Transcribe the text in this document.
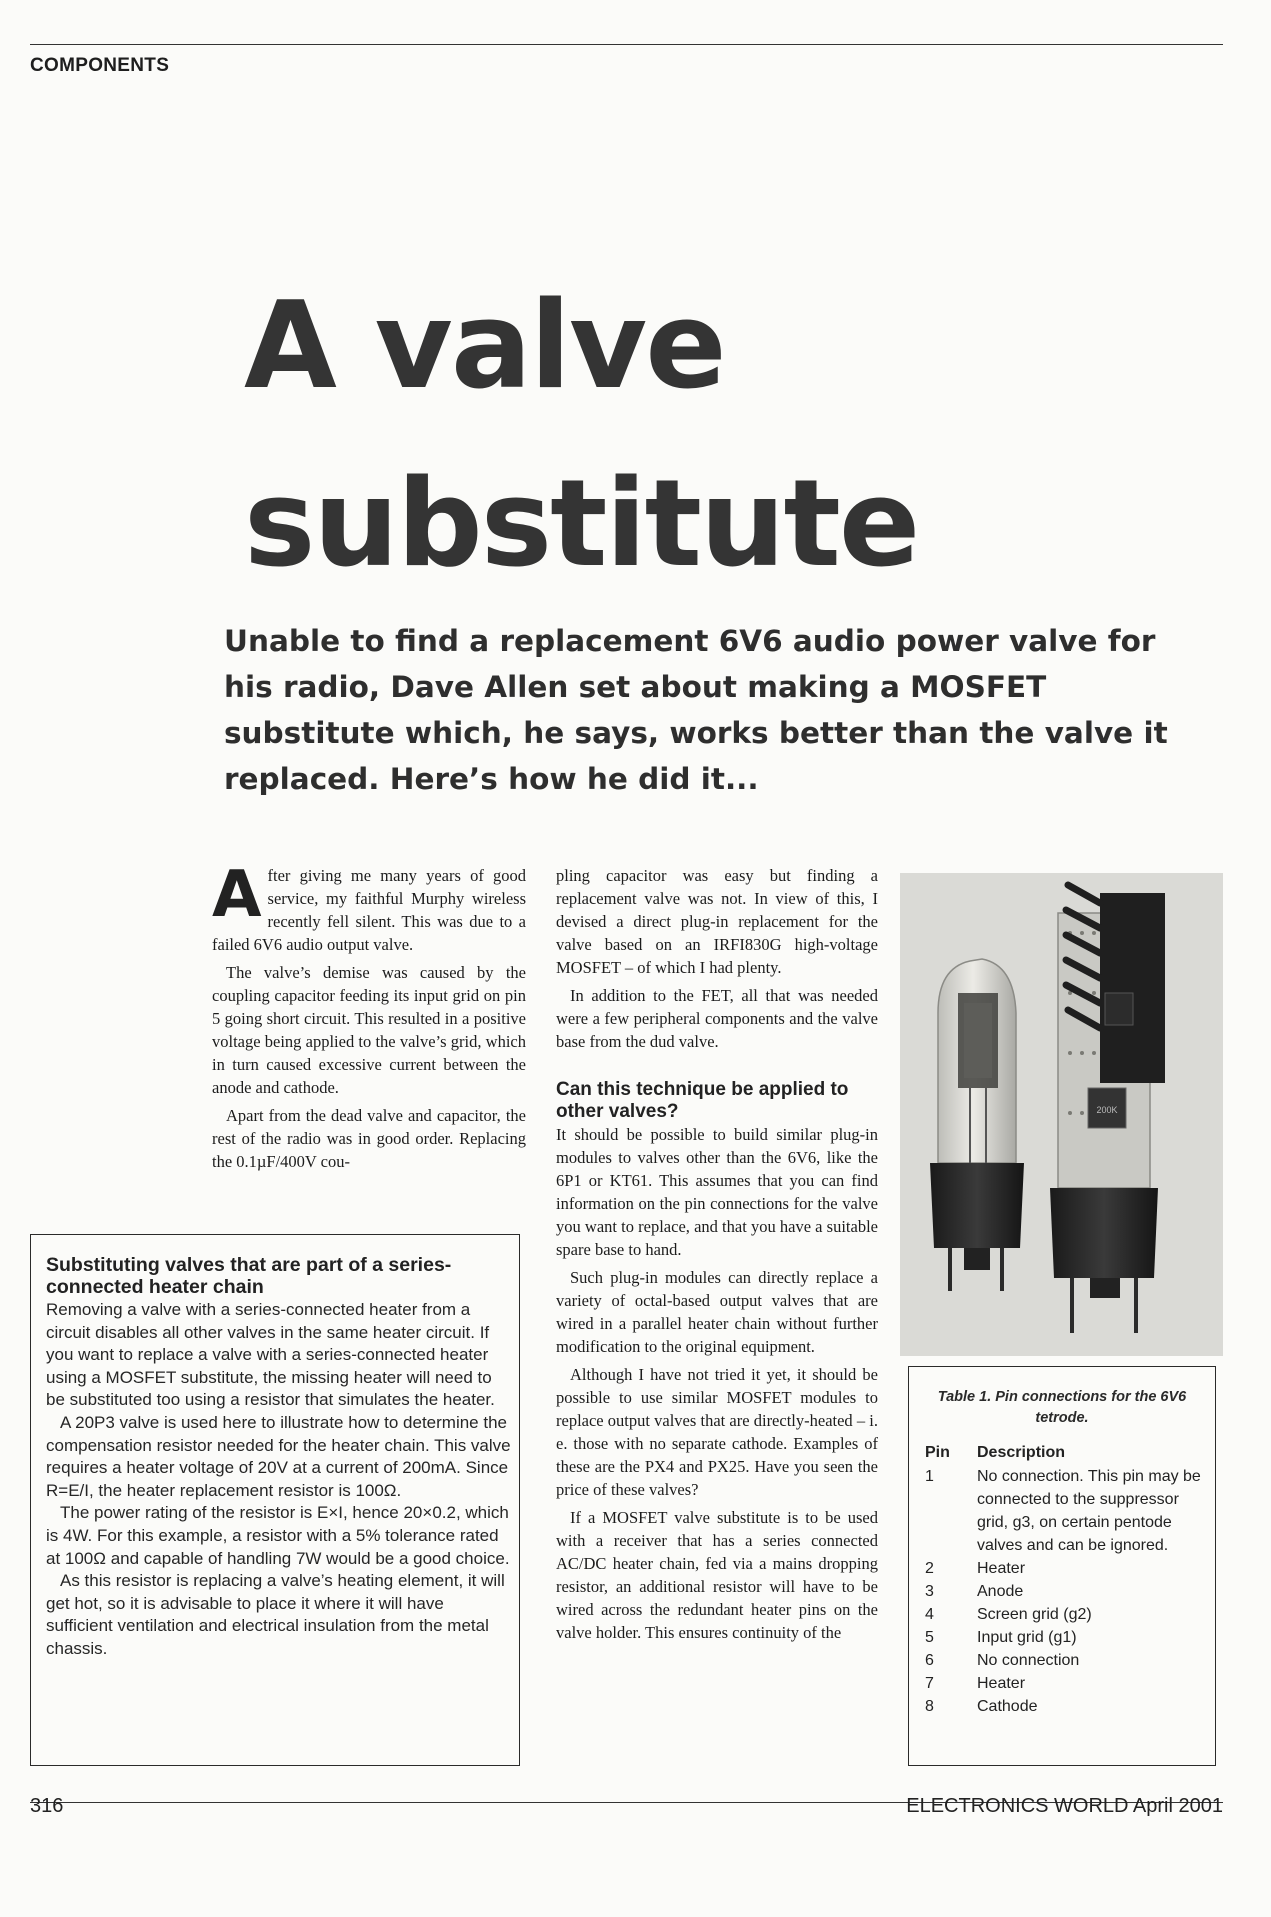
COMPONENTS
A valve
substitute

Unable to find a replacement 6V6 audio power valve for his radio, Dave Allen set about making a MOSFET substitute which, he says, works better than the valve it replaced. Here’s how he did it...

After giving me many years of good service, my faithful Murphy wireless recently fell silent. This was due to a failed 6V6 audio output valve.

The valve’s demise was caused by the coupling capacitor feeding its input grid on pin 5 going short circuit. This resulted in a positive voltage being applied to the valve’s grid, which in turn caused excessive current between the anode and cathode.

Apart from the dead valve and capacitor, the rest of the radio was in good order. Replacing the 0.1µF/400V cou-

pling capacitor was easy but finding a replacement valve was not. In view of this, I devised a direct plug-in replacement for the valve based on an IRFI830G high-voltage MOSFET – of which I had plenty.

In addition to the FET, all that was needed were a few peripheral components and the valve base from the dud valve.

Can this technique be applied to other valves?

It should be possible to build similar plug-in modules to valves other than the 6V6, like the 6P1 or KT61. This assumes that you can find information on the pin connections for the valve you want to replace, and that you have a suitable spare base to hand.

Such plug-in modules can directly replace a variety of octal-based output valves that are wired in a parallel heater chain without further modification to the original equipment.

Although I have not tried it yet, it should be possible to use similar MOSFET modules to replace output valves that are directly-heated – i. e. those with no separate cathode. Examples of these are the PX4 and PX25. Have you seen the price of these valves?

If a MOSFET valve substitute is to be used with a receiver that has a series connected AC/DC heater chain, fed via a mains dropping resistor, an additional resistor will have to be wired across the redundant heater pins on the valve holder. This ensures continuity of the

Substituting valves that are part of a series-connected heater chain

Removing a valve with a series-connected heater from a circuit disables all other valves in the same heater circuit. If you want to replace a valve with a series-connected heater using a MOSFET substitute, the missing heater will need to be substituted too using a resistor that simulates the heater.

A 20P3 valve is used here to illustrate how to determine the compensation resistor needed for the heater chain. This valve requires a heater voltage of 20V at a current of 200mA. Since R=E/I, the heater replacement resistor is 100Ω.

The power rating of the resistor is E×I, hence 20×0.2, which is 4W. For this example, a resistor with a 5% tolerance rated at 100Ω and capable of handling 7W would be a good choice.

As this resistor is replacing a valve’s heating element, it will get hot, so it is advisable to place it where it will have sufficient ventilation and electrical insulation from the metal chassis.

200K

Table 1. Pin connections for the 6V6 tetrode.

Pin	Description
1	No connection. This pin may be connected to the suppressor grid, g3, on certain pentode valves and can be ignored.
2	Heater
3	Anode
4	Screen grid (g2)
5	Input grid (g1)
6	No connection
7	Heater
8	Cathode
316	ELECTRONICS WORLD April 2001
